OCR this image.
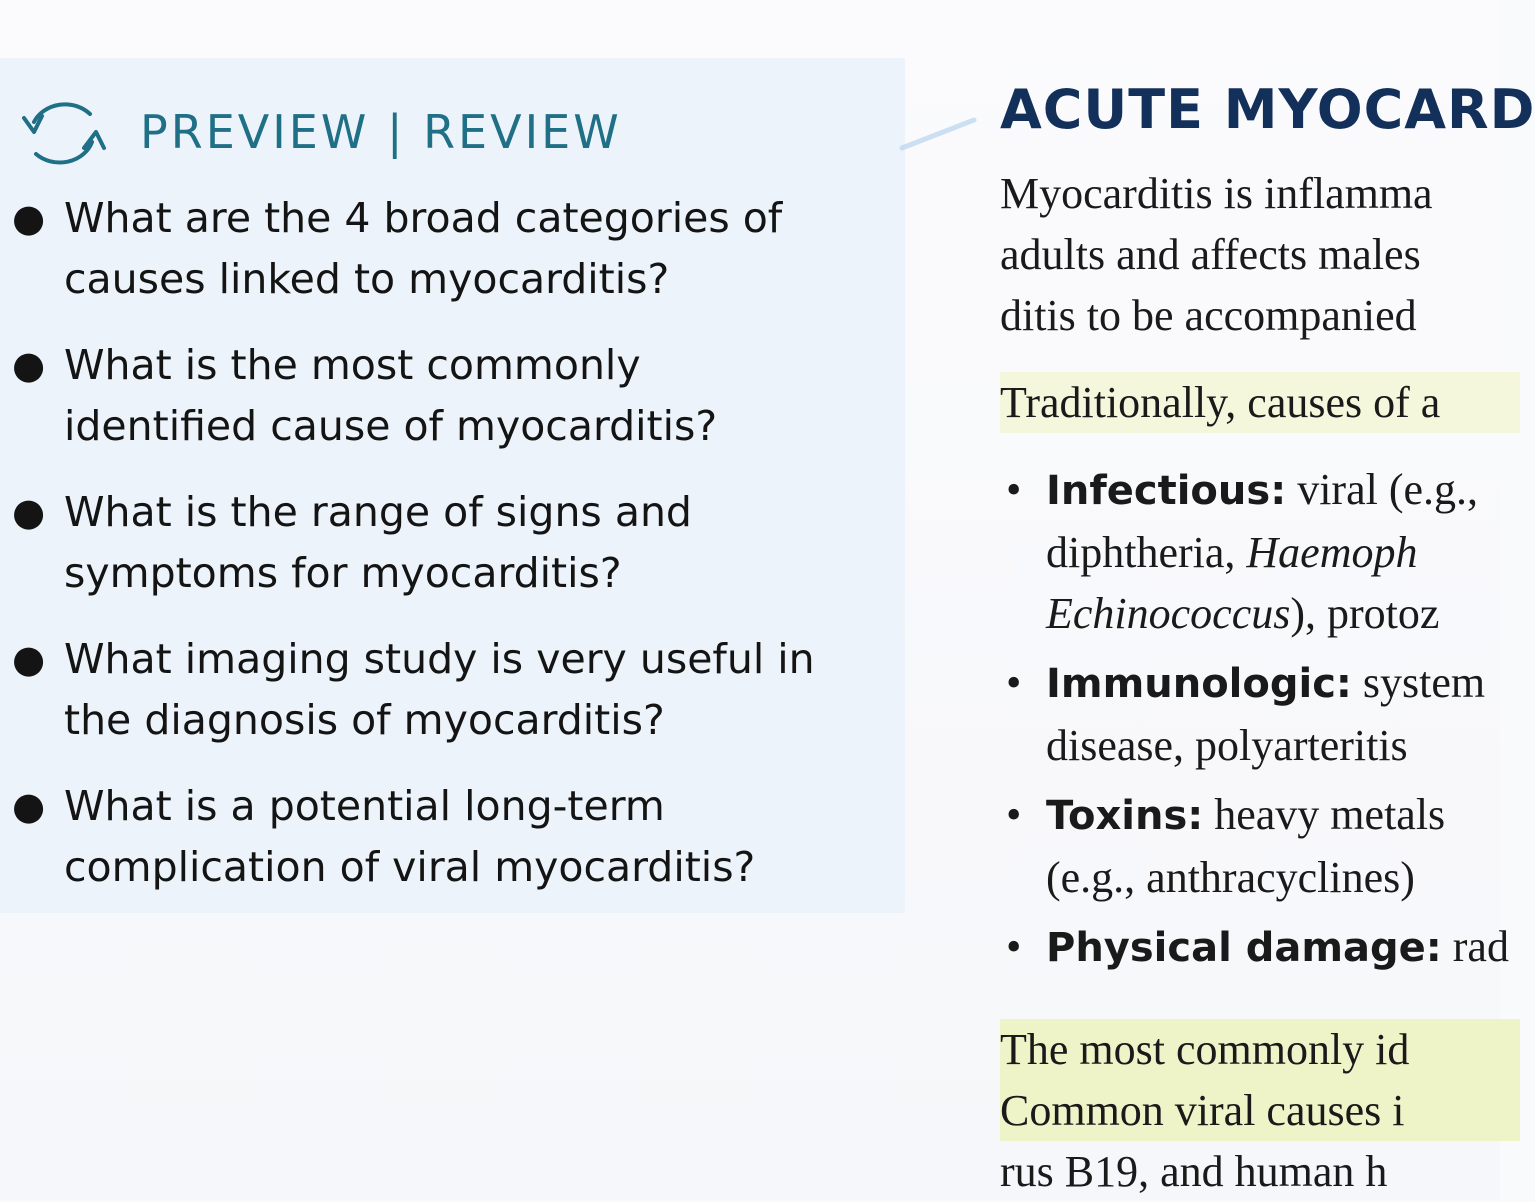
PREVIEW | REVIEW
● What are the 4 broad categories of causes linked to myocarditis?
● What is the most commonly identified cause of myocarditis?
● What is the range of signs and symptoms for myocarditis?
● What imaging study is very useful in the diagnosis of myocarditis?
● What is a potential long-term complication of viral myocarditis?
ACUTE MYOCARD
Myocarditis is inflamma
adults and affects males
ditis to be accompanied
Traditionally, causes of a
• Infectious: viral (e.g.,
diphtheria, Haemoph
Echinococcus), protoz
• Immunologic: system
disease, polyarteritis
• Toxins: heavy metals
(e.g., anthracyclines)
• Physical damage: rad
The most commonly id
Common viral causes i
rus B19, and human h
